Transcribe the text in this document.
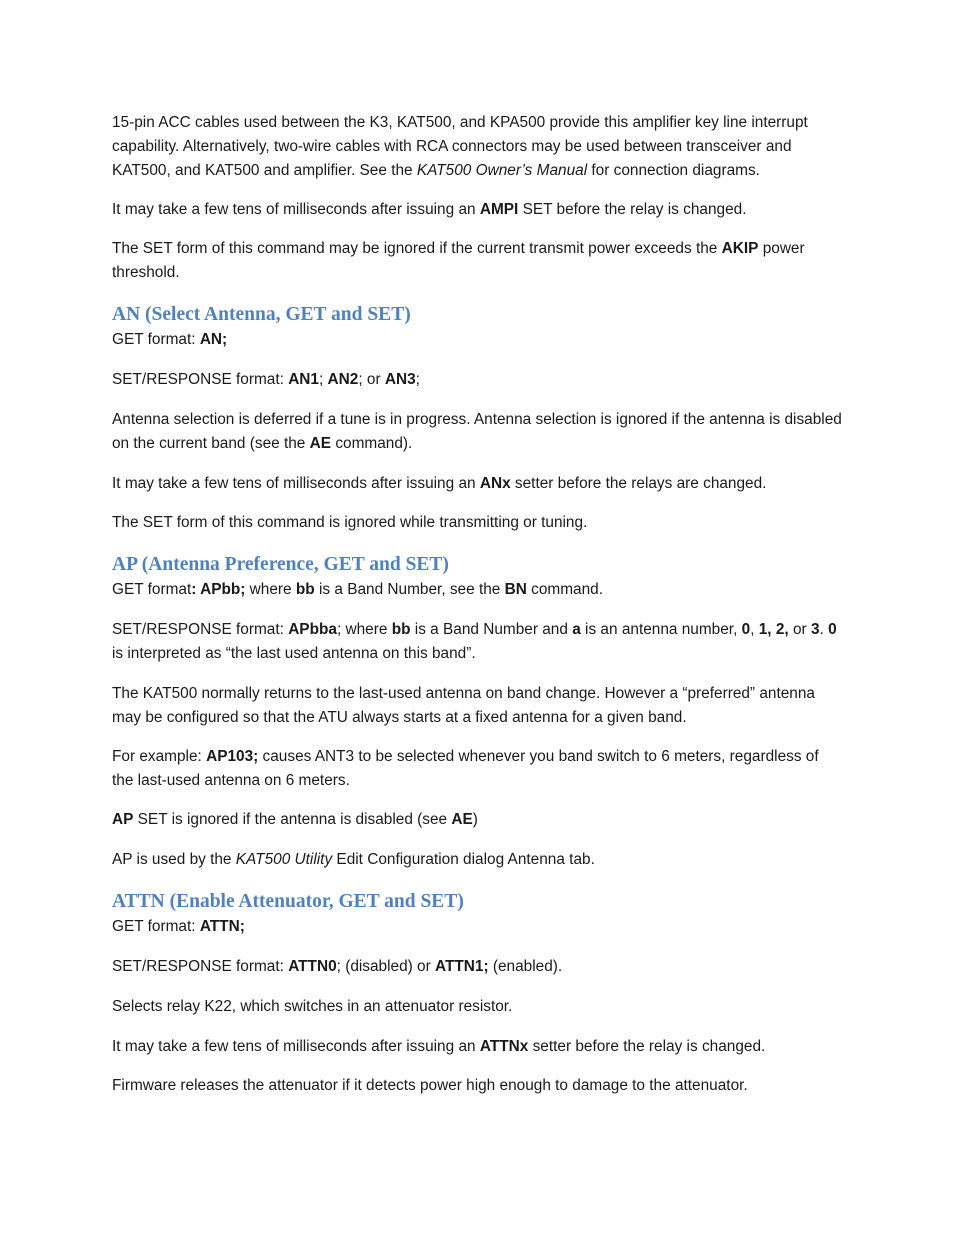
15-pin ACC cables used between the K3, KAT500, and KPA500 provide this amplifier key line interrupt capability. Alternatively, two-wire cables with RCA connectors may be used between transceiver and KAT500, and KAT500 and amplifier. See the KAT500 Owner’s Manual for connection diagrams.

It may take a few tens of milliseconds after issuing an AMPI SET before the relay is changed.

The SET form of this command may be ignored if the current transmit power exceeds the AKIP power threshold.

AN (Select Antenna, GET and SET)

GET format: AN;

SET/RESPONSE format: AN1; AN2; or AN3;

Antenna selection is deferred if a tune is in progress. Antenna selection is ignored if the antenna is disabled on the current band (see the AE command).

It may take a few tens of milliseconds after issuing an ANx setter before the relays are changed.

The SET form of this command is ignored while transmitting or tuning.

AP (Antenna Preference, GET and SET)

GET format: APbb; where bb is a Band Number, see the BN command.

SET/RESPONSE format: APbba; where bb is a Band Number and a is an antenna number, 0, 1, 2, or 3. 0 is interpreted as “the last used antenna on this band”.

The KAT500 normally returns to the last-used antenna on band change. However a “preferred” antenna may be configured so that the ATU always starts at a fixed antenna for a given band.

For example: AP103; causes ANT3 to be selected whenever you band switch to 6 meters, regardless of the last-used antenna on 6 meters.

AP SET is ignored if the antenna is disabled (see AE)

AP is used by the KAT500 Utility Edit Configuration dialog Antenna tab.

ATTN (Enable Attenuator, GET and SET)

GET format: ATTN;

SET/RESPONSE format: ATTN0; (disabled) or ATTN1; (enabled).

Selects relay K22, which switches in an attenuator resistor.

It may take a few tens of milliseconds after issuing an ATTNx setter before the relay is changed.

Firmware releases the attenuator if it detects power high enough to damage to the attenuator.
